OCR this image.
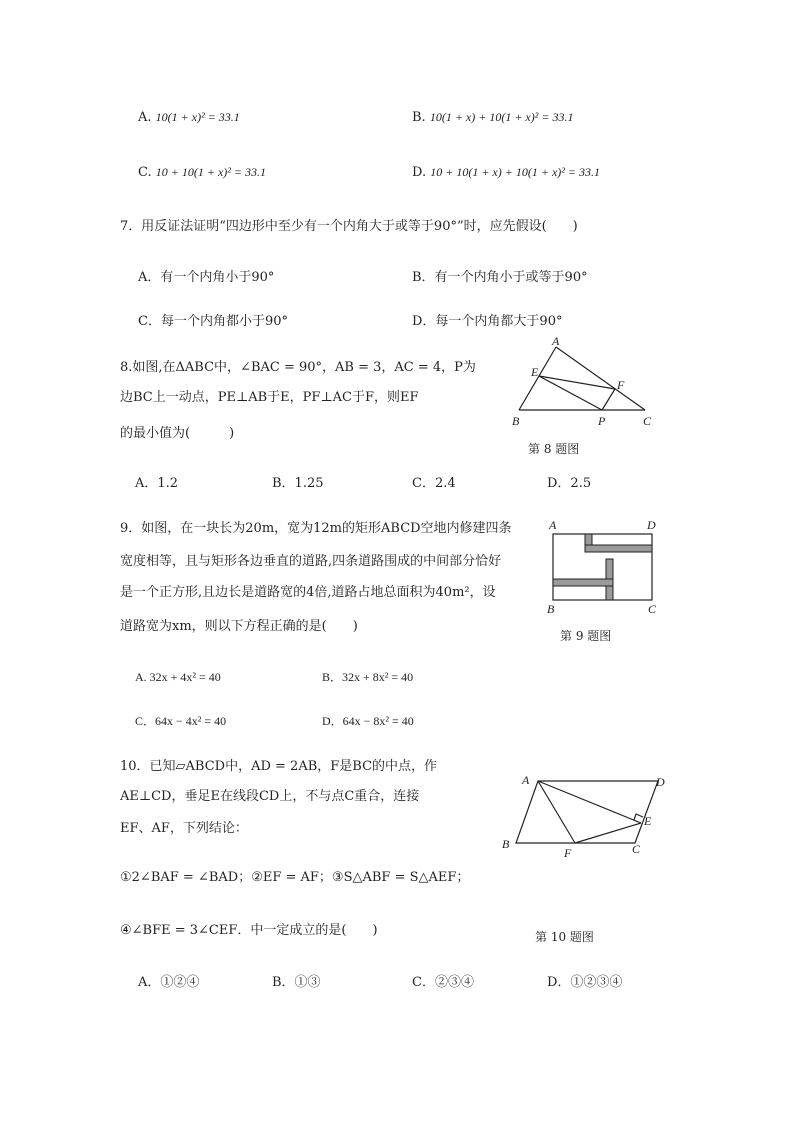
A. 10(1 + x)² = 33.1	B. 10(1 + x) + 10(1 + x)² = 33.1
C. 10 + 10(1 + x)² = 33.1	D. 10 + 10(1 + x) + 10(1 + x)² = 33.1
7．用反证法证明“四边形中至少有一个内角大于或等于90°”时，应先假设(　　)
A．有一个内角小于90°	B．有一个内角小于或等于90°
C．每一个内角都小于90°	D．每一个内角都大于90°
8.如图,在ΔABC中，∠BAC = 90°，AB = 3，AC = 4，P为
边BC上一动点，PE⊥AB于E，PF⊥AC于F，则EF
的最小值为(　　　)
A
E
F
B	P	C
第 8 题图
A．1.2	B．1.25	C．2.4	D．2.5
9．如图，在一块长为20m，宽为12m的矩形ABCD空地内修建四条
宽度相等，且与矩形各边垂直的道路,四条道路围成的中间部分恰好
是一个正方形,且边长是道路宽的4倍,道路占地总面积为40m²，设
道路宽为xm，则以下方程正确的是(　　)
A	D
B	C
第 9 题图
A. 32x + 4x² = 40	B．32x + 8x² = 40
C．64x − 4x² = 40	D．64x − 8x² = 40
10．已知▱ABCD中，AD = 2AB，F是BC的中点，作
AE⊥CD，垂足E在线段CD上，不与点C重合，连接
EF、AF，下列结论：
①2∠BAF = ∠BAD；②EF = AF；③S△ABF = S△AEF；
④∠BFE = 3∠CEF．中一定成立的是(　　)
A	D
E
B
F	C
第 10 题图
A．①②④	B．①③	C．②③④	D．①②③④
